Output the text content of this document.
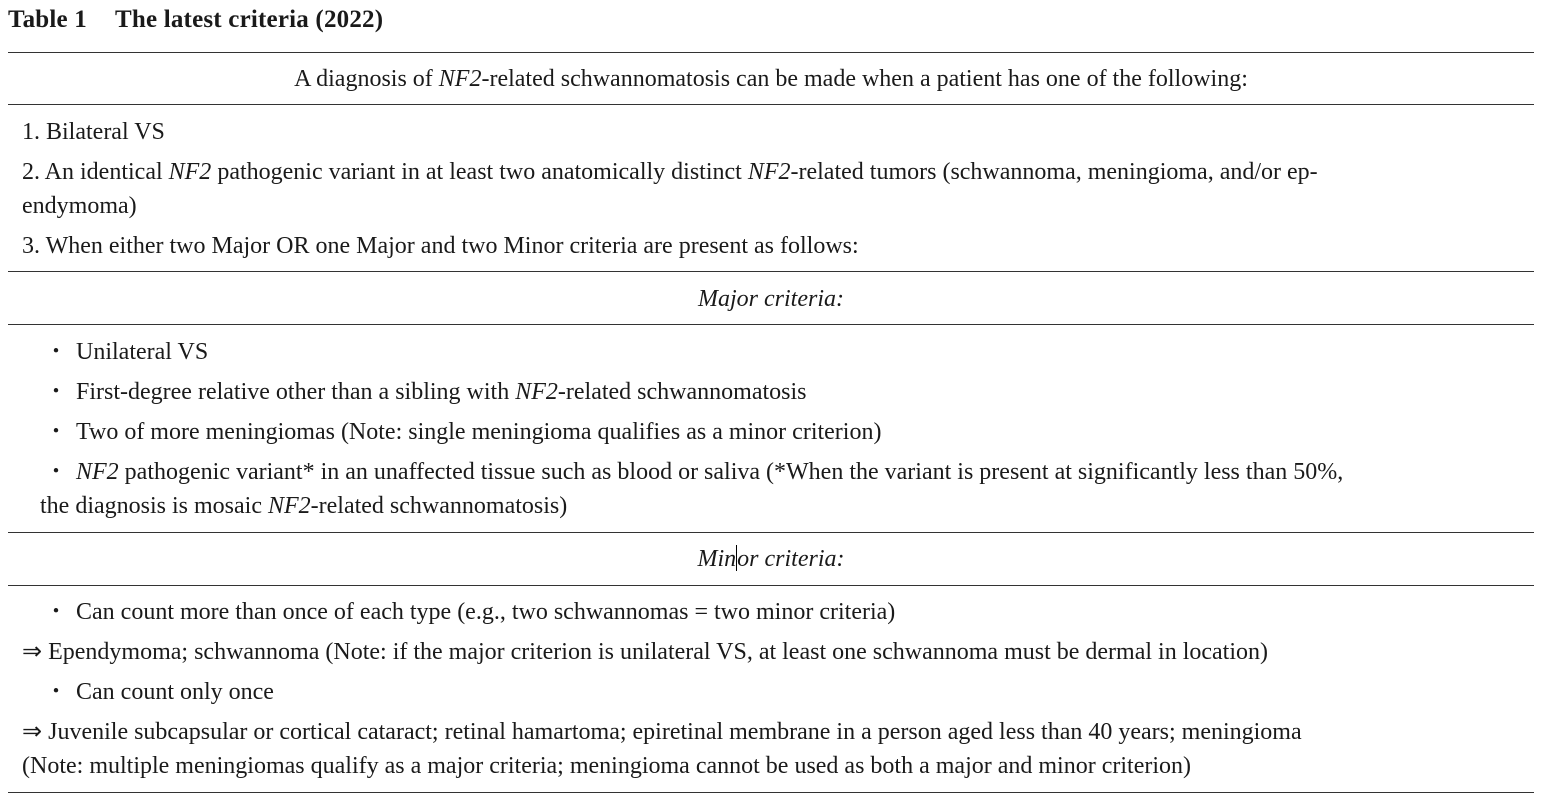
Table 1 The latest criteria (2022)
A diagnosis of NF2-related schwannomatosis can be made when a patient has one of the following:
1. Bilateral VS
2. An identical NF2 pathogenic variant in at least two anatomically distinct NF2-related tumors (schwannoma, meningioma, and/or ep-
endymoma)
3. When either two Major OR one Major and two Minor criteria are present as follows:
Major criteria:
・ Unilateral VS
・ First-degree relative other than a sibling with NF2-related schwannomatosis
・ Two of more meningiomas (Note: single meningioma qualifies as a minor criterion)
・ NF2 pathogenic variant* in an unaffected tissue such as blood or saliva (*When the variant is present at significantly less than 50%,
the diagnosis is mosaic NF2-related schwannomatosis)
Minor criteria:
・ Can count more than once of each type (e.g., two schwannomas = two minor criteria)
⇒ Ependymoma; schwannoma (Note: if the major criterion is unilateral VS, at least one schwannoma must be dermal in location)
・ Can count only once
⇒ Juvenile subcapsular or cortical cataract; retinal hamartoma; epiretinal membrane in a person aged less than 40 years; meningioma
(Note: multiple meningiomas qualify as a major criteria; meningioma cannot be used as both a major and minor criterion)
